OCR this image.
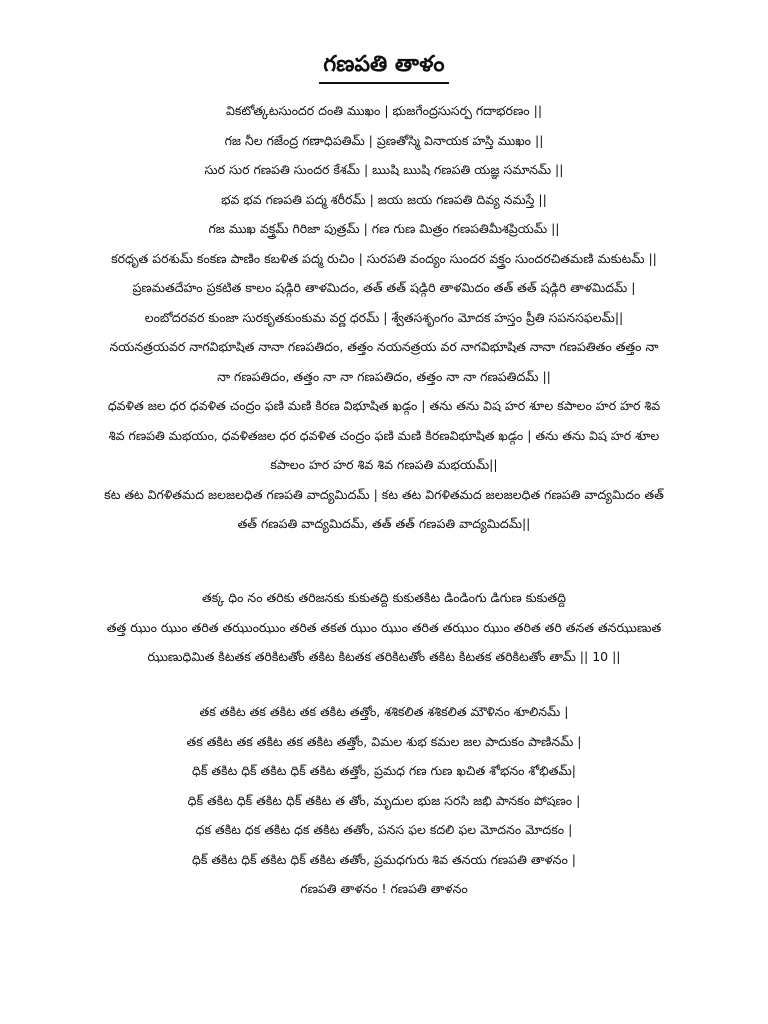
గణపతి తాళం

వికటోత్కటసుందర దంతి ముఖం | భుజగేంద్రసుసర్ప గదాభరణం ||

గజ నీల గజేంద్ర గణాధిపతిమ్ | ప్రణతోస్మి వినాయక హస్తి ముఖం ||

సుర సుర గణపతి సుందర కేశమ్ | ఋషి ఋషి గణపతి యజ్ఞ సమానమ్ ||

భవ భవ గణపతి పద్మ శరీరమ్ | జయ జయ గణపతి దివ్య నమస్తే ||

గజ ముఖ వక్త్రమ్ గిరిజా పుత్రమ్ | గణ గుణ మిత్రం గణపతిమీశప్రియమ్ ||

కరధృత పరశుమ్ కంకణ పాణిం కబళిత పద్మ రుచిం | సురపతి వంద్యం సుందర వక్త్రం సుందరచితమణి మకుటమ్ ||

ప్రణమతదేహం ప్రకటిత కాలం షడ్గిరి తాళమిదం, తత్ తత్ షడ్గిరి తాళమిదం తత్ తత్ షడ్గిరి తాళమిదమ్ |

లంబోదరవర కుంజా సురకృతకుంకుమ వర్ణ ధరమ్ | శ్వేతసశృంగం మోదక హస్తం ప్రీతి సపనసఫలమ్||

నయనత్రయవర నాగవిభూషిత నానా గణపతిదం, తత్తం నయనత్రయ వర నాగవిభూషిత నానా గణపతితం తత్తం నా

నా గణపతిదం, తత్తం నా నా గణపతిదం, తత్తం నా నా గణపతిదమ్ ||

ధవళిత జల ధర ధవళిత చంద్రం ఫణి మణి కిరణ విభూషిత ఖడ్గం | తను తను విష హర శూల కపాలం హర హర శివ

శివ గణపతి మభయం, ధవళితజల ధర ధవళిత చంద్రం ఫణి మణి కిరణవిభూషిత ఖడ్గం | తను తను విష హర శూల

కపాలం హర హర శివ శివ గణపతి మభయమ్||

కట తట విగళితమద జలజలధిత గణపతి వాద్యమిదమ్ | కట తట విగళితమద జలజలధిత గణపతి వాద్యమిదం తత్

తత్ గణపతి వాద్యమిదమ్, తత్ తత్ గణపతి వాద్యమిదమ్||

తక్క ధిం నం తరికు తరిజనకు కుకుతద్ది కుకుతకిట డిండింగు డిగుణ కుకుతద్ది

తత్త ఝుం ఝుం తరిత తఝుంఝుం తరిత తకత ఝుం ఝుం తరిత తఝుం ఝుం తరిత తరి తనత తనఝుణుత

ఝుణుధిమిత కిటతక తరికిటతోం తకిట కిటతక తరికిటతోం తకిట కిటతక తరికిటతోం తామ్ || 10 ||

తక తకిట తక తకిట తక తకిట తత్తోం, శశికలిత శశికలిత మౌళినం శూలినమ్ |

తక తకిట తక తకిట తక తకిట తత్తోం, విమల శుభ కమల జల పాదుకం పాణినమ్ |

ధిక్ తకిట ధిక్ తకిట ధిక్ తకిట తత్తోం, ప్రమధ గణ గుణ ఖచిత శోభనం శోభితమ్|

ధిక్ తకిట ధిక్ తకిట ధిక్ తకిట త తోం, మృదుల భుజ సరసి జభి పానకం పోషణం |

ధక తకిట ధక తకిట ధక తకిట తతోం, పనస ఫల కదలి ఫల మోదనం మోదకం |

ధిక్ తకిట ధిక్ తకిట ధిక్ తకిట తతోం, ప్రమధగురు శివ తనయ గణపతి తాళనం |

గణపతి తాళనం ! గణపతి తాళనం
